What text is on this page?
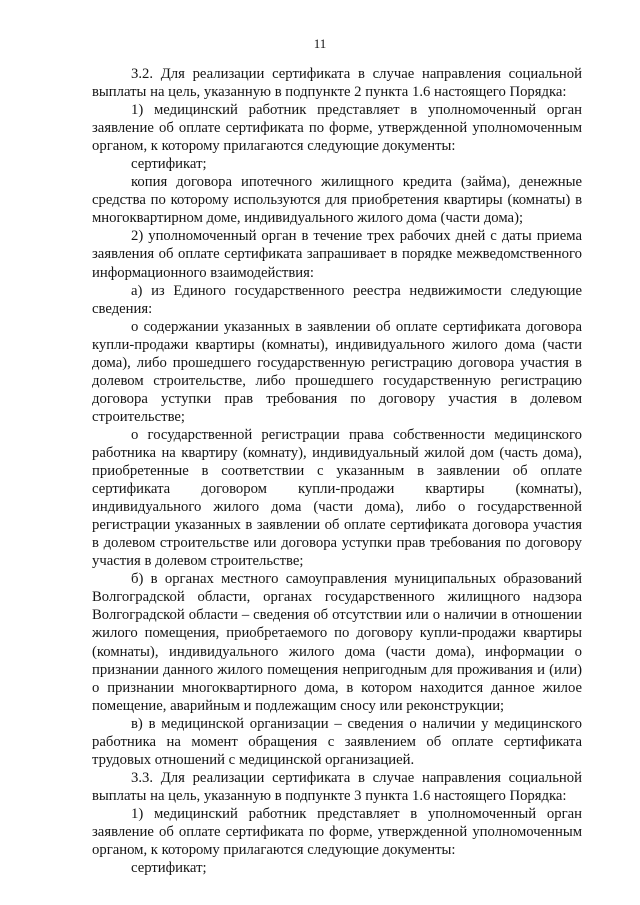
11

3.2. Для реализации сертификата в случае направления социальной выплаты на цель, указанную в подпункте 2 пункта 1.6 настоящего Порядка:

1) медицинский работник представляет в уполномоченный орган заявление об оплате сертификата по форме, утвержденной уполномоченным органом, к которому прилагаются следующие документы:

сертификат;

копия договора ипотечного жилищного кредита (займа), денежные средства по которому используются для приобретения квартиры (комнаты) в многоквартирном доме, индивидуального жилого дома (части дома);

2) уполномоченный орган в течение трех рабочих дней с даты приема заявления об оплате сертификата запрашивает в порядке межведомственного информационного взаимодействия:

а) из Единого государственного реестра недвижимости следующие сведения:

о содержании указанных в заявлении об оплате сертификата договора купли-продажи квартиры (комнаты), индивидуального жилого дома (части дома), либо прошедшего государственную регистрацию договора участия в долевом строительстве, либо прошедшего государственную регистрацию договора уступки прав требования по договору участия в долевом строительстве;

о государственной регистрации права собственности медицинского работника на квартиру (комнату), индивидуальный жилой дом (часть дома), приобретенные в соответствии с указанным в заявлении об оплате сертификата договором купли-продажи квартиры (комнаты), индивидуального жилого дома (части дома), либо о государственной регистрации указанных в заявлении об оплате сертификата договора участия в долевом строительстве или договора уступки прав требования по договору участия в долевом строительстве;

б) в органах местного самоуправления муниципальных образований Волгоградской области, органах государственного жилищного надзора Волгоградской области – сведения об отсутствии или о наличии в отношении жилого помещения, приобретаемого по договору купли-продажи квартиры (комнаты), индивидуального жилого дома (части дома), информации о признании данного жилого помещения непригодным для проживания и (или) о признании многоквартирного дома, в котором находится данное жилое помещение, аварийным и подлежащим сносу или реконструкции;

в) в медицинской организации – сведения о наличии у медицинского работника на момент обращения с заявлением об оплате сертификата трудовых отношений с медицинской организацией.

3.3. Для реализации сертификата в случае направления социальной выплаты на цель, указанную в подпункте 3 пункта 1.6 настоящего Порядка:

1) медицинский работник представляет в уполномоченный орган заявление об оплате сертификата по форме, утвержденной уполномоченным органом, к которому прилагаются следующие документы:

сертификат;
